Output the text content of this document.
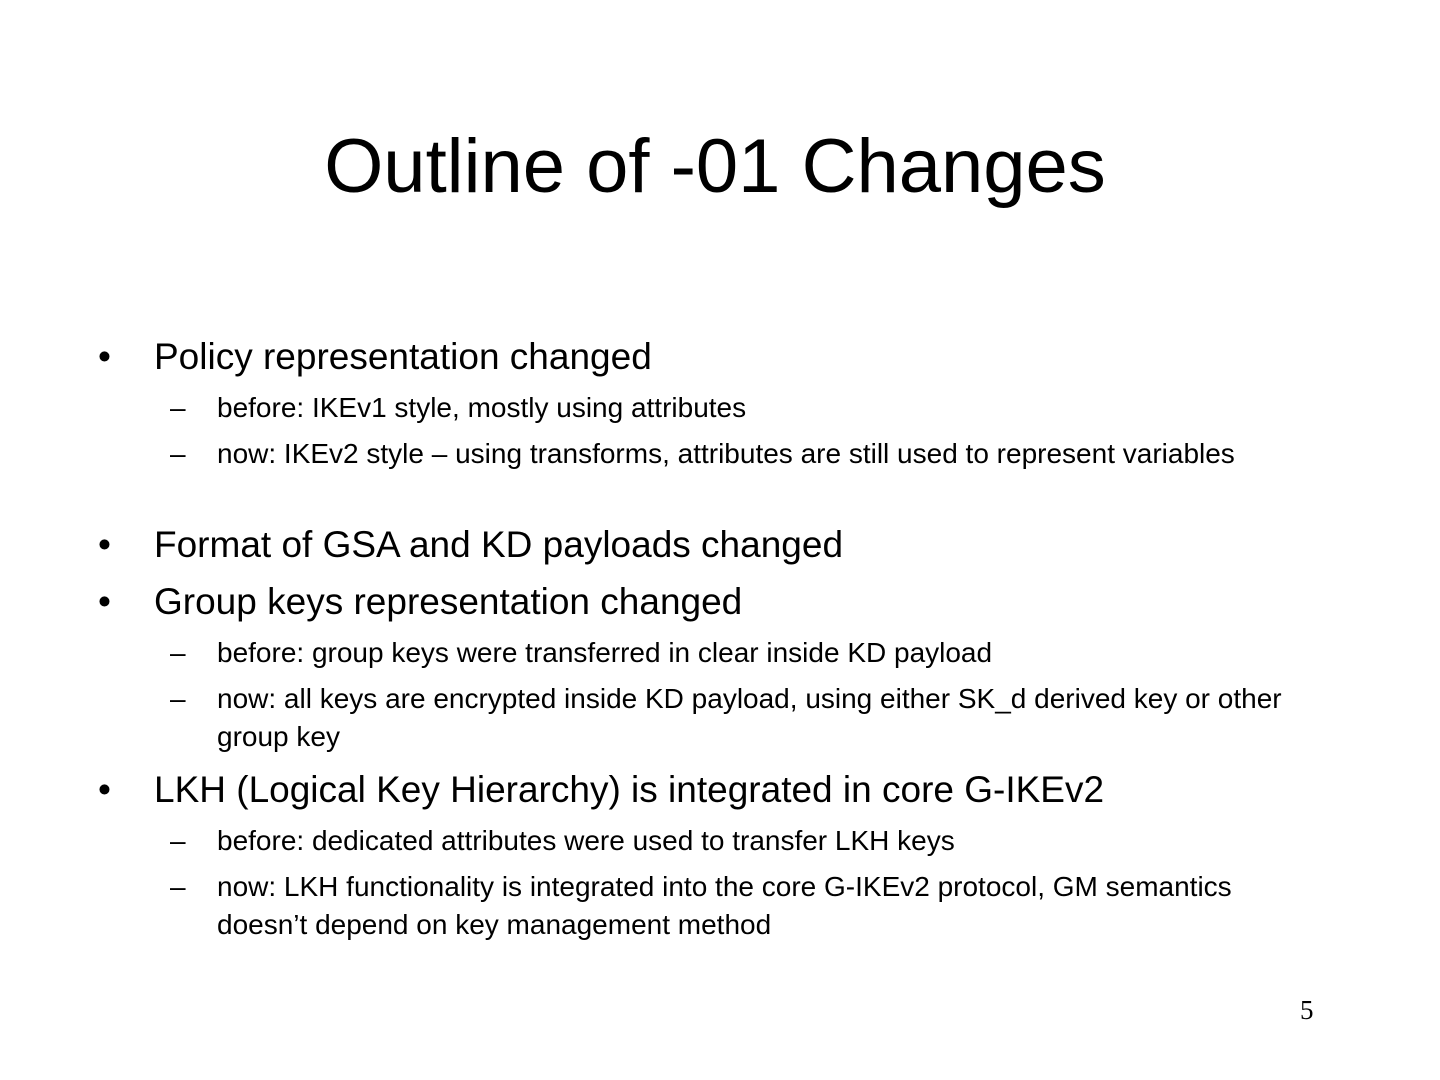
Outline of -01 Changes
• Policy representation changed
– before: IKEv1 style, mostly using attributes
– now: IKEv2 style – using transforms, attributes are still used to represent variables
• Format of GSA and KD payloads changed
• Group keys representation changed
– before: group keys were transferred in clear inside KD payload
– now: all keys are encrypted inside KD payload, using either SK_d derived key or other group key
• LKH (Logical Key Hierarchy) is integrated in core G-IKEv2
– before: dedicated attributes were used to transfer LKH keys
– now: LKH functionality is integrated into the core G-IKEv2 protocol, GM semantics doesn’t depend on key management method
5
